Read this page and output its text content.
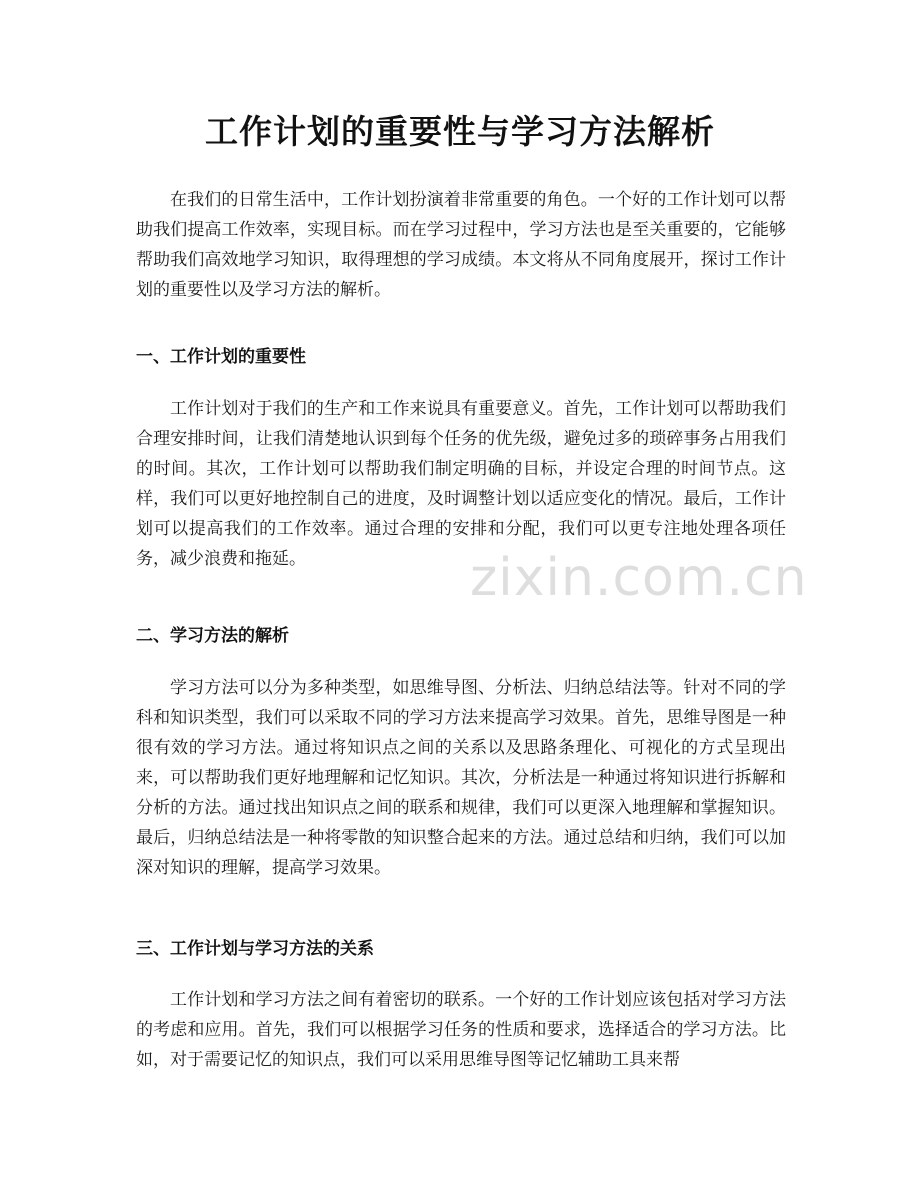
工作计划的重要性与学习方法解析

在我们的日常生活中，工作计划扮演着非常重要的角色。一个好的工作计划可以帮助我们提高工作效率，实现目标。而在学习过程中，学习方法也是至关重要的，它能够帮助我们高效地学习知识，取得理想的学习成绩。本文将从不同角度展开，探讨工作计划的重要性以及学习方法的解析。

一、工作计划的重要性

工作计划对于我们的生产和工作来说具有重要意义。首先，工作计划可以帮助我们合理安排时间，让我们清楚地认识到每个任务的优先级，避免过多的琐碎事务占用我们的时间。其次，工作计划可以帮助我们制定明确的目标，并设定合理的时间节点。这样，我们可以更好地控制自己的进度，及时调整计划以适应变化的情况。最后，工作计划可以提高我们的工作效率。通过合理的安排和分配，我们可以更专注地处理各项任务，减少浪费和拖延。

二、学习方法的解析

学习方法可以分为多种类型，如思维导图、分析法、归纳总结法等。针对不同的学科和知识类型，我们可以采取不同的学习方法来提高学习效果。首先，思维导图是一种很有效的学习方法。通过将知识点之间的关系以及思路条理化、可视化的方式呈现出来，可以帮助我们更好地理解和记忆知识。其次，分析法是一种通过将知识进行拆解和分析的方法。通过找出知识点之间的联系和规律，我们可以更深入地理解和掌握知识。最后，归纳总结法是一种将零散的知识整合起来的方法。通过总结和归纳，我们可以加深对知识的理解，提高学习效果。

三、工作计划与学习方法的关系

工作计划和学习方法之间有着密切的联系。一个好的工作计划应该包括对学习方法的考虑和应用。首先，我们可以根据学习任务的性质和要求，选择适合的学习方法。比如，对于需要记忆的知识点，我们可以采用思维导图等记忆辅助工具来帮

zixin.com.cn
